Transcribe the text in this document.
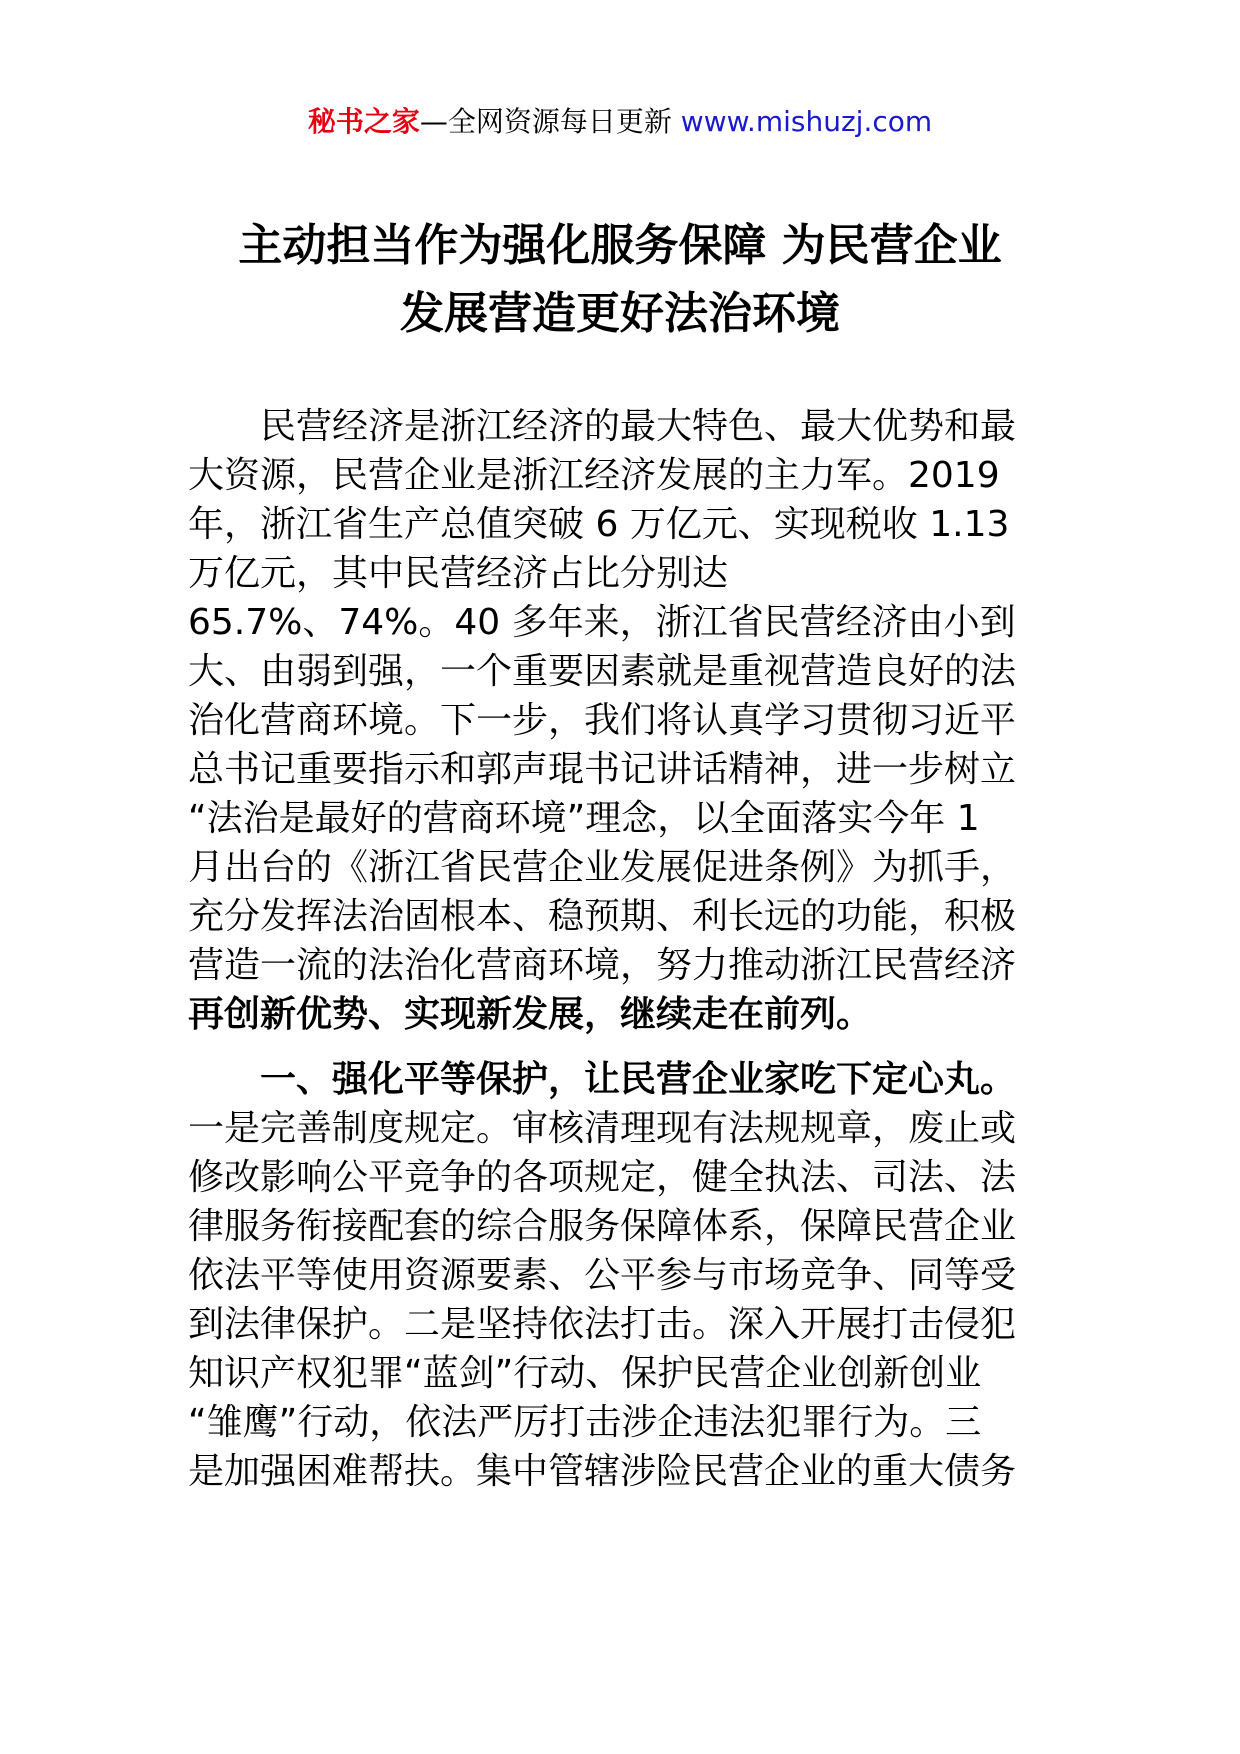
秘书之家—全网资源每日更新 www.mishuzj.com
主动担当作为强化服务保障 为民营企业
发展营造更好法治环境
　　民营经济是浙江经济的最大特色、最大优势和最
大资源，民营企业是浙江经济发展的主力军。2019
年，浙江省生产总值突破 6 万亿元、实现税收 1.13
万亿元，其中民营经济占比分别达
65.7%、74%。40 多年来，浙江省民营经济由小到
大、由弱到强，一个重要因素就是重视营造良好的法
治化营商环境。下一步，我们将认真学习贯彻习近平
总书记重要指示和郭声琨书记讲话精神，进一步树立
“法治是最好的营商环境”理念，以全面落实今年 1
月出台的《浙江省民营企业发展促进条例》为抓手，
充分发挥法治固根本、稳预期、利长远的功能，积极
营造一流的法治化营商环境，努力推动浙江民营经济
再创新优势、实现新发展，继续走在前列。
　　一、强化平等保护，让民营企业家吃下定心丸。
一是完善制度规定。审核清理现有法规规章，废止或
修改影响公平竞争的各项规定，健全执法、司法、法
律服务衔接配套的综合服务保障体系，保障民营企业
依法平等使用资源要素、公平参与市场竞争、同等受
到法律保护。二是坚持依法打击。深入开展打击侵犯
知识产权犯罪“蓝剑”行动、保护民营企业创新创业
“雏鹰”行动，依法严厉打击涉企违法犯罪行为。三
是加强困难帮扶。集中管辖涉险民营企业的重大债务
